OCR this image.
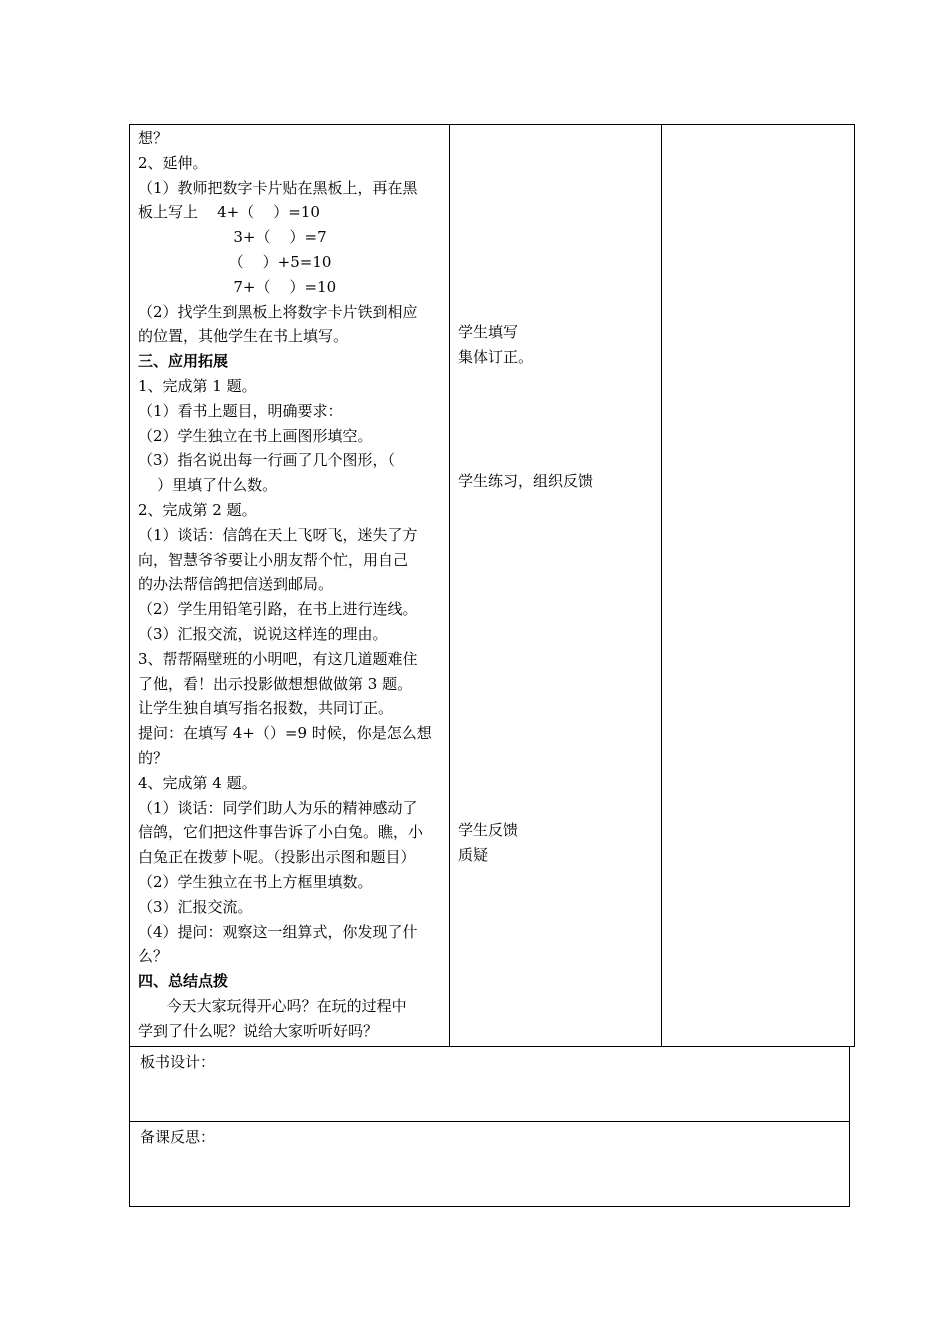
想？
2、延伸。
（1）教师把数字卡片贴在黑板上，再在黑
板上写上    4+（    ）=10
3+（    ）=7
（    ）+5=10
7+（    ）=10
（2）找学生到黑板上将数字卡片铁到相应
的位置，其他学生在书上填写。
三、应用拓展
1、完成第 1 题。
（1）看书上题目，明确要求：
（2）学生独立在书上画图形填空。
（3）指名说出每一行画了几个图形，（
）里填了什么数。
2、完成第 2 题。
（1）谈话：信鸽在天上飞呀飞，迷失了方
向，智慧爷爷要让小朋友帮个忙，用自己
的办法帮信鸽把信送到邮局。
（2）学生用铅笔引路，在书上进行连线。
（3）汇报交流，说说这样连的理由。
3、帮帮隔壁班的小明吧，有这几道题难住
了他，看！出示投影做想想做做第 3 题。
让学生独自填写指名报数，共同订正。
提问：在填写 4+（）=9 时候，你是怎么想
的？
4、完成第 4 题。
（1）谈话：同学们助人为乐的精神感动了
信鸽，它们把这件事告诉了小白兔。瞧，小
白兔正在拨萝卜呢。（投影出示图和题目）
（2）学生独立在书上方框里填数。
（3）汇报交流。
（4）提问：观察这一组算式，你发现了什
么？
四、总结点拨
今天大家玩得开心吗？在玩的过程中
学到了什么呢？说给大家听听好吗？
学生填写
集体订正。
学生练习，组织反馈
学生反馈
质疑
板书设计：
备课反思：
